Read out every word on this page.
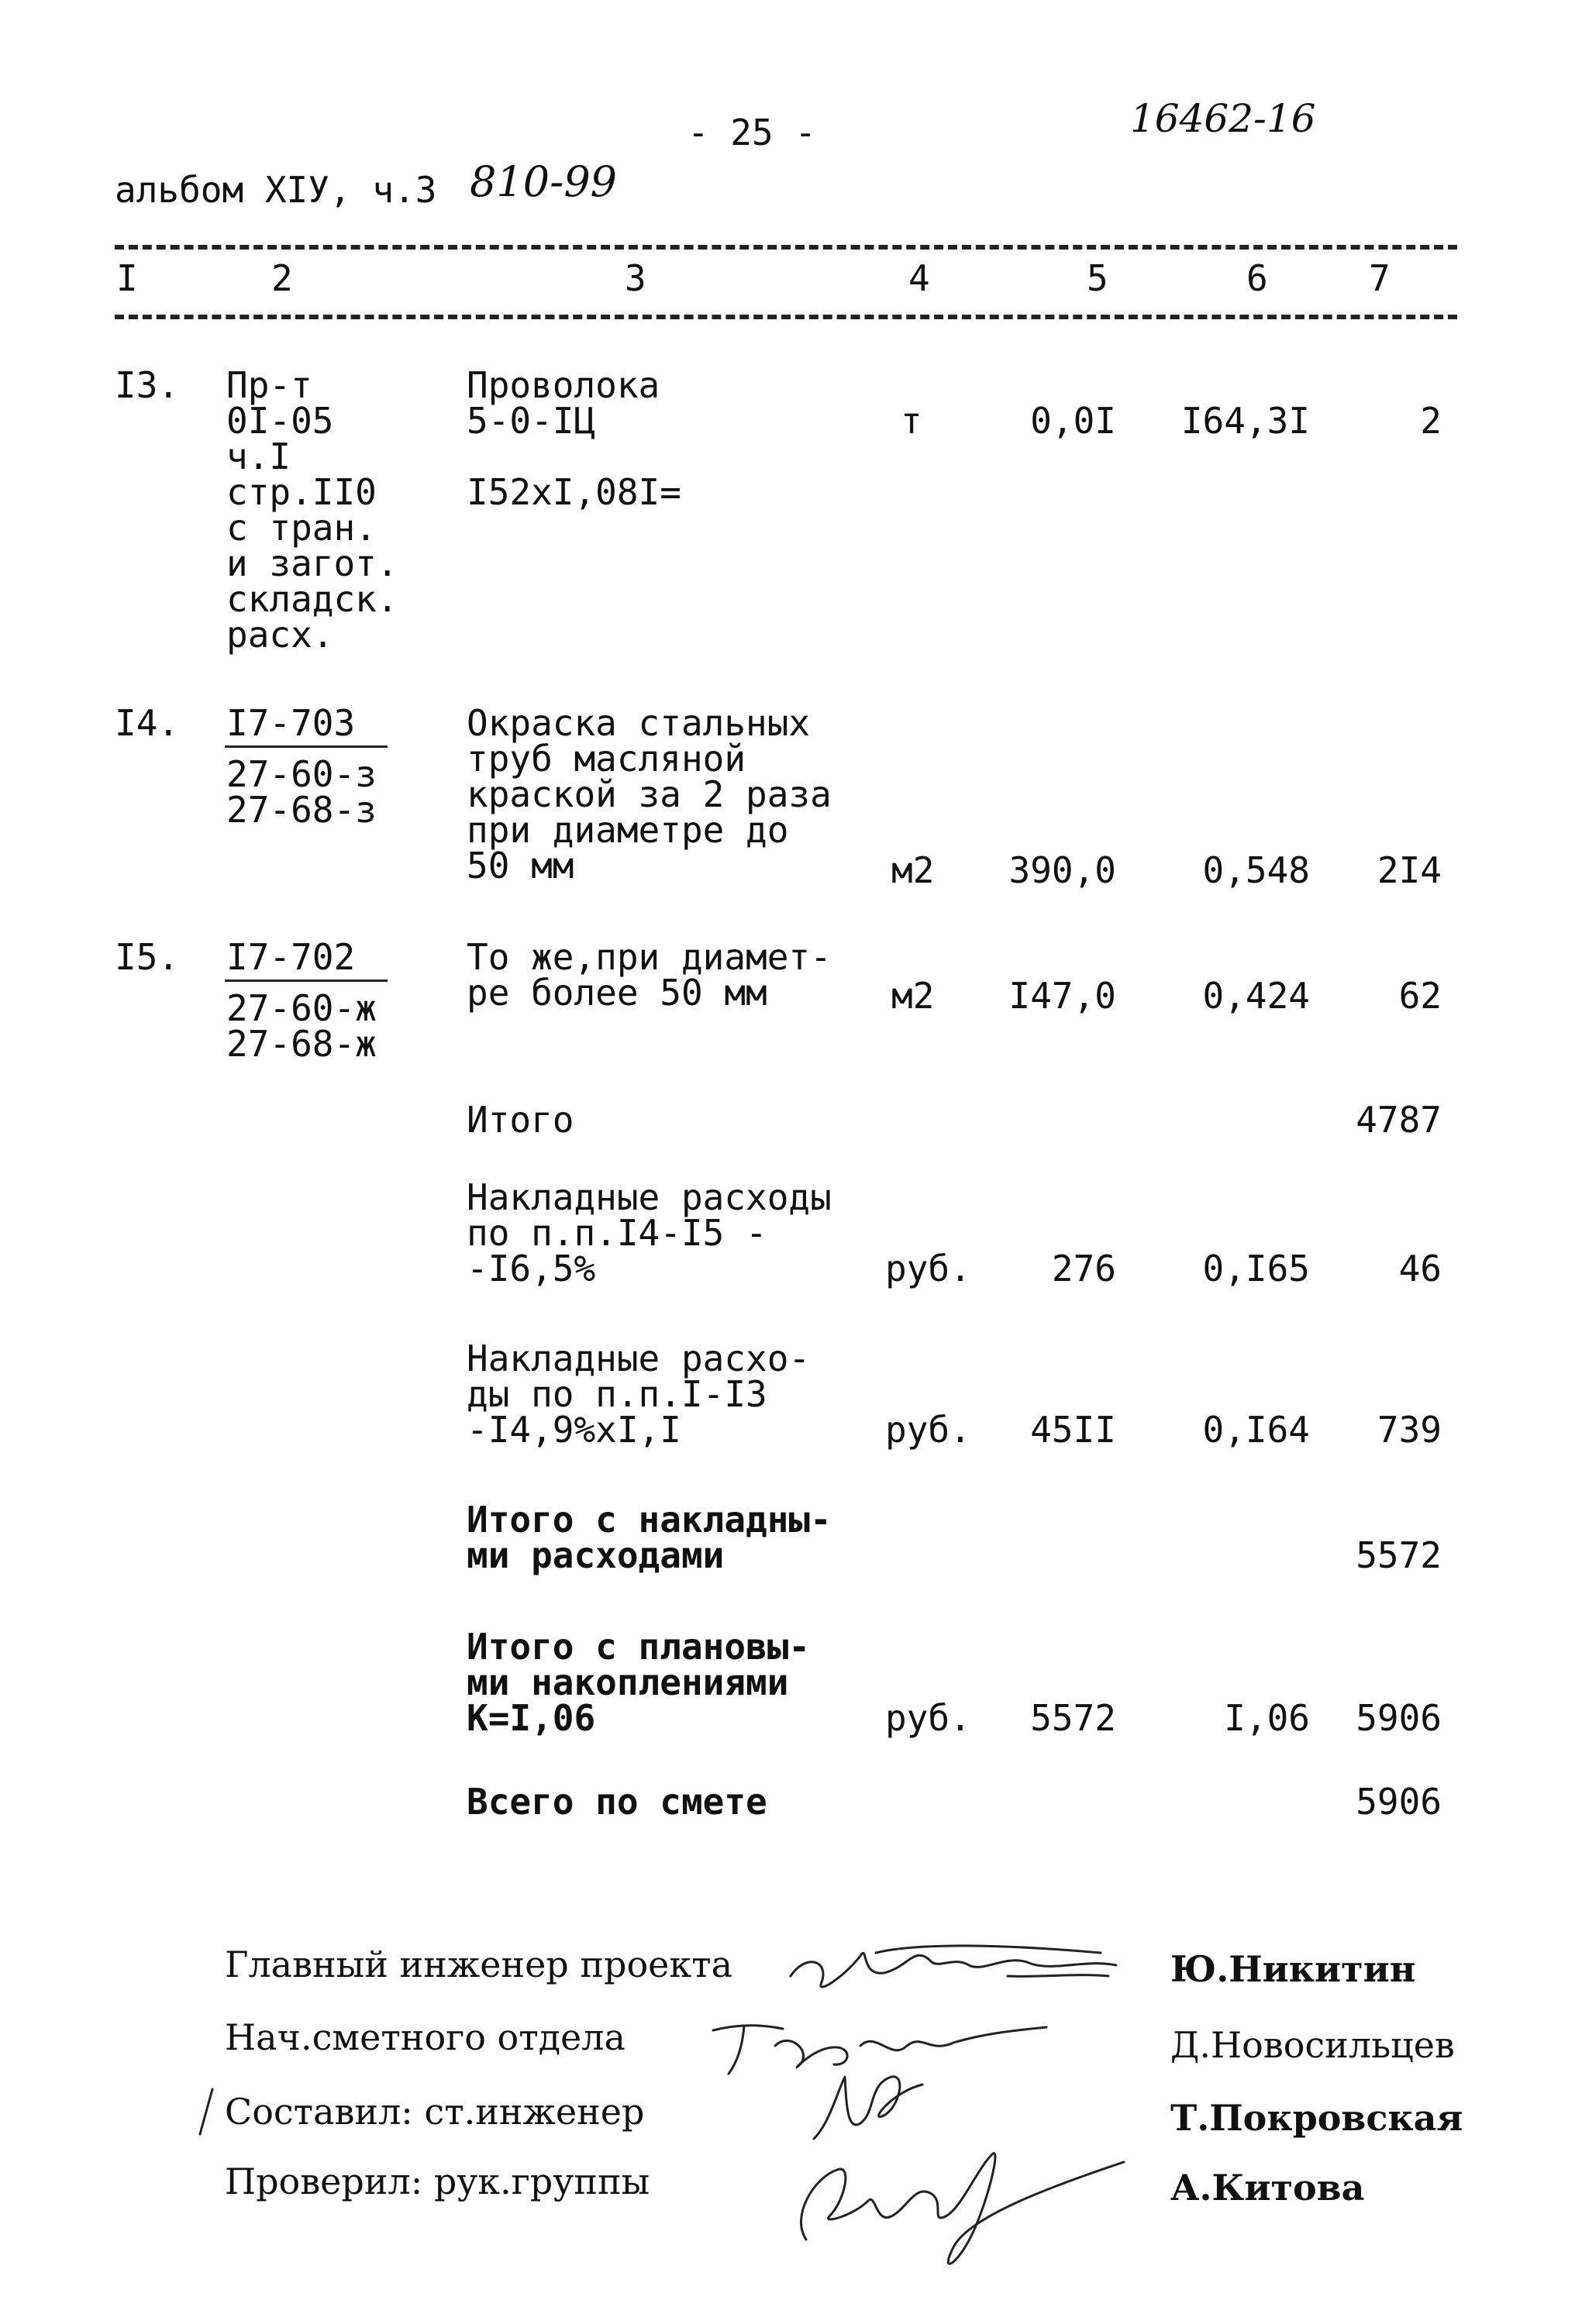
- 25 -	16462-16
альбом XIУ, ч.3 810-99
I	2	3	4	5	6	7
I3. Пр-т
0I-05
ч.I
стр.II0
с тран.
и загот.
складск.
расх.
Проволока
5-0-IЦ

I52xI,08I=
т	0,0I	I64,3I	2
I4. I7-703
27-60-з
27-68-з
Окраска стальных
труб масляной
краской за 2 раза
при диаметре до
50 мм	м2	390,0	0,548	2I4
I5. I7-702
27-60-ж
27-68-ж
То же,при диамет-
ре более 50 мм	м2	I47,0	0,424	62
Итого	4787
Накладные расходы
по п.п.I4-I5 -
-I6,5%	руб.	276	0,I65	46
Накладные расхо-
ды по п.п.I-I3
-I4,9%xI,I	руб.	45II	0,I64	739
Итого с накладны-
ми расходами	5572
Итого с плановы-
ми накоплениями
К=I,06	руб.	5572	I,06	5906
Всего по смете	5906
Главный инженер проекта	Ю.Никитин
Нач.сметного отдела	Д.Новосильцев
Составил: ст.инженер	Т.Покровская
Проверил: рук.группы	А.Китова
